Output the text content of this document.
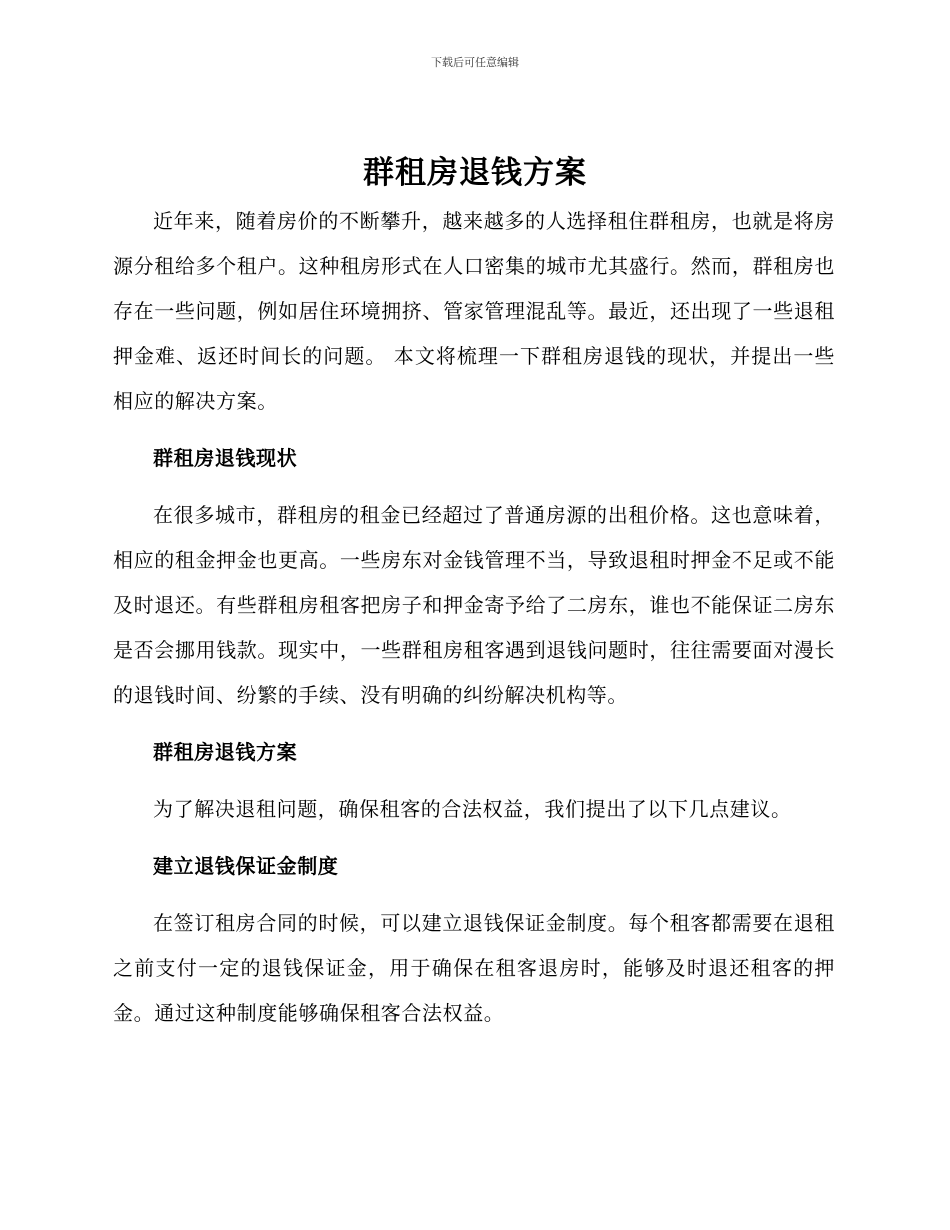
下载后可任意编辑
群租房退钱方案

近年来，随着房价的不断攀升，越来越多的人选择租住群租房，也就是将房源分租给多个租户。这种租房形式在人口密集的城市尤其盛行。然而，群租房也存在一些问题，例如居住环境拥挤、管家管理混乱等。最近，还出现了一些退租押金难、返还时间长的问题。 本文将梳理一下群租房退钱的现状，并提出一些相应的解决方案。

群租房退钱现状

在很多城市，群租房的租金已经超过了普通房源的出租价格。这也意味着，相应的租金押金也更高。一些房东对金钱管理不当，导致退租时押金不足或不能及时退还。有些群租房租客把房子和押金寄予给了二房东，谁也不能保证二房东是否会挪用钱款。现实中，一些群租房租客遇到退钱问题时，往往需要面对漫长的退钱时间、纷繁的手续、没有明确的纠纷解决机构等。

群租房退钱方案

为了解决退租问题，确保租客的合法权益，我们提出了以下几点建议。

建立退钱保证金制度

在签订租房合同的时候，可以建立退钱保证金制度。每个租客都需要在退租之前支付一定的退钱保证金，用于确保在租客退房时，能够及时退还租客的押金。通过这种制度能够确保租客合法权益。
